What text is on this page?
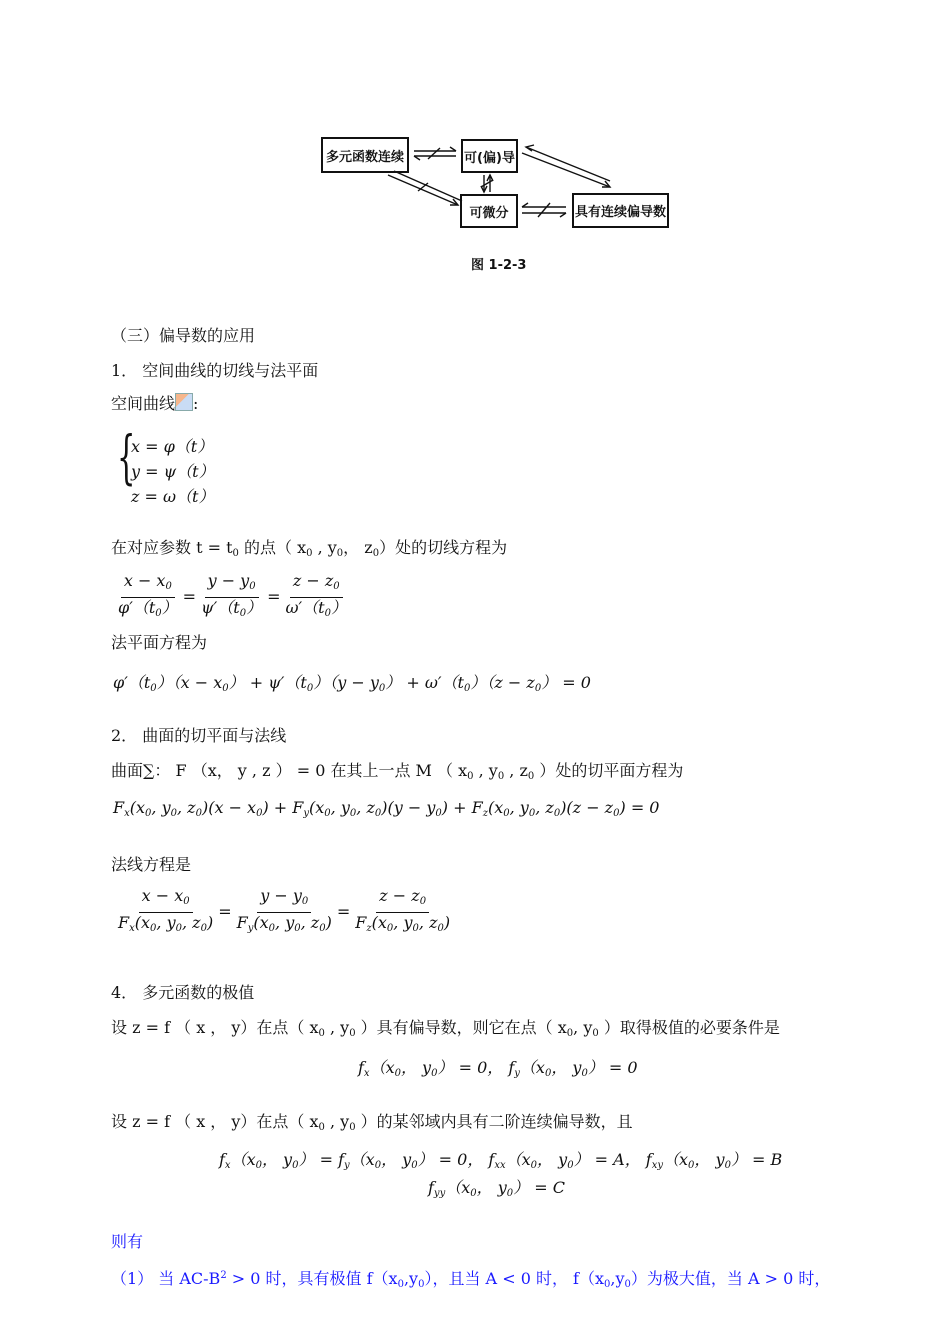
多元函数连续	可(偏)导
可微分	具有连续偏导数
图 1-2-3
（三）偏导数的应用
1． 空间曲线的切线与法平面
空间曲线 :
{
x = φ（t）
y = ψ（t）
z = ω（t）
在对应参数 $t = t_0$ 的点（ $x_0$ , $y_0$， $z_0$）处的切线方程为
$\frac{x - x_0}{\varphi'(t_0)} = \frac{y - y_0}{\psi'(t_0)} = \frac{z - z_0}{\omega'(t_0)}$
法平面方程为
$\varphi'(t_0)(x - x_0) + \psi'(t_0)(y - y_0) + \omega'(t_0)(z - z_0) = 0$
2． 曲面的切平面与法线
曲面∑： F （x， y , z ） = 0 在其上一点 M （ $x_0$ , $y_0$ , $z_0$ ）处的切平面方程为
$F_x(x_0$, $y_0$, $z_0)(x - x_0) + F_y(x_0$, $y_0$, $z_0)(y - y_0) + F_z(x_0$, $y_0$, $z_0)(z - z_0) = 0$
法线方程是
$\frac{x - x_0}{F_x(x_0, y_0, z_0)} = \frac{y - y_0}{F_y(x_0, y_0, z_0)} = \frac{z - z_0}{F_z(x_0, y_0, z_0)}$
4． 多元函数的极值
设 z = f （ x ， y）在点（ $x_0$ , $y_0$ ）具有偏导数，则它在点（ $x_0$, $y_0$ ）取得极值的必要条件是
$f_x(x_0$， $y_0) = 0$， $f_y(x_0$， $y_0) = 0$
设 z = f （ x ， y）在点（ $x_0$ , $y_0$ ）的某邻域内具有二阶连续偏导数，且
$f_x(x_0$， $y_0) = f_y(x_0$， $y_0) = 0$， $f_{xx}(x_0$， $y_0) = A$， $f_{xy}(x_0$， $y_0) = B$
$f_{yy}(x_0$， $y_0) = C$
则有
（1） 当 $AC-B^2 > 0$ 时，具有极值 $f(x_0,y_0)$，且当 A < 0 时， $f(x_0,y_0)$为极大值，当 A > 0 时，
